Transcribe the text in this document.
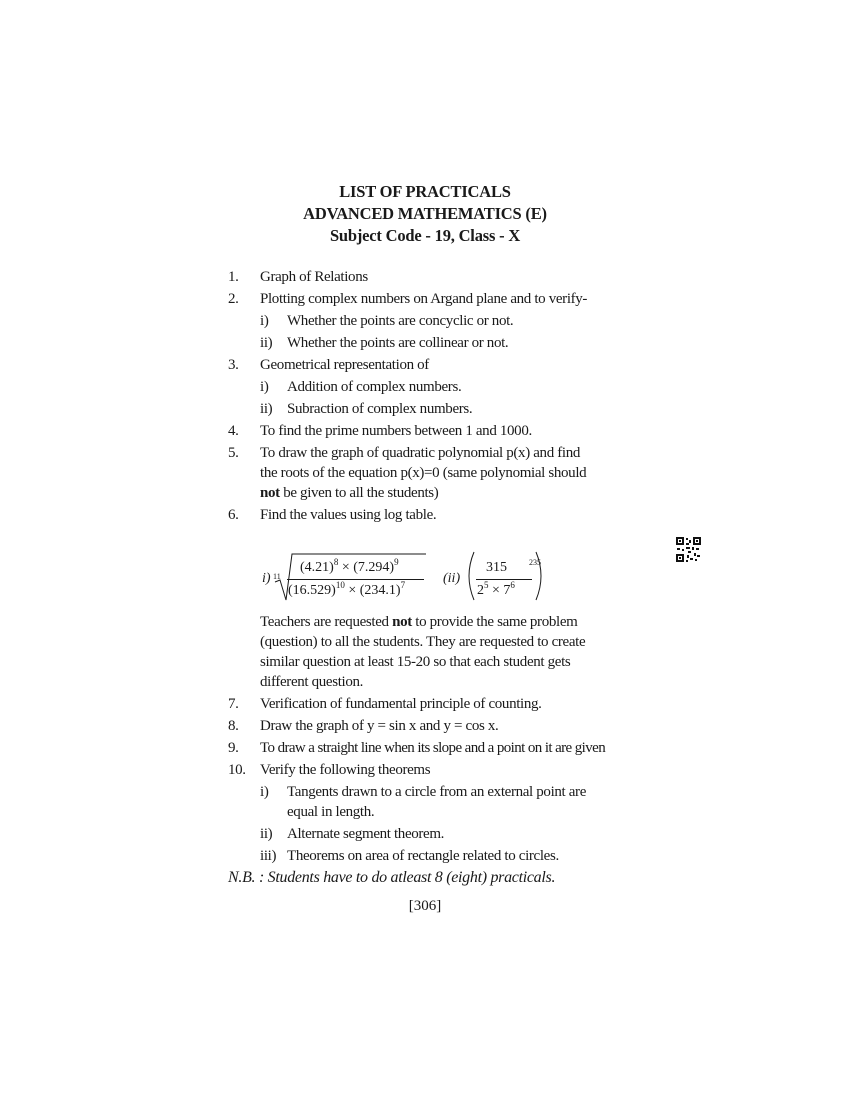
LIST OF PRACTICALS
ADVANCED MATHEMATICS (E)
Subject Code - 19, Class - X
1. Graph of Relations
2. Plotting complex numbers on Argand plane and to verify-
i) Whether the points are concyclic or not.
ii) Whether the points are collinear or not.
3. Geometrical representation of
i) Addition of complex numbers.
ii) Subraction of complex numbers.
4. To find the prime numbers between 1 and 1000.
5. To draw the graph of quadratic polynomial p(x) and find
the roots of the equation p(x)=0 (same polynomial should
not be given to all the students)
6. Find the values using log table.
i) 11
$(4.21)^8 \times (7.294)^9$
$(16.529)^{10} \times (234.1)^7$	(ii)
315
$2^5 \times 7^6$
235
Teachers are requested not to provide the same problem
(question) to all the students. They are requested to create
similar question at least 15-20 so that each student gets
different question.
7. Verification of fundamental principle of counting.
8. Draw the graph of y = sin x and y = cos x.
9. To draw a straight line when its slope and a point on it are given
10. Verify the following theorems
i) Tangents drawn to a circle from an external point are
equal in length.
ii) Alternate segment theorem.
iii) Theorems on area of rectangle related to circles.
N.B. : Students have to do atleast 8 (eight) practicals.
[306]
